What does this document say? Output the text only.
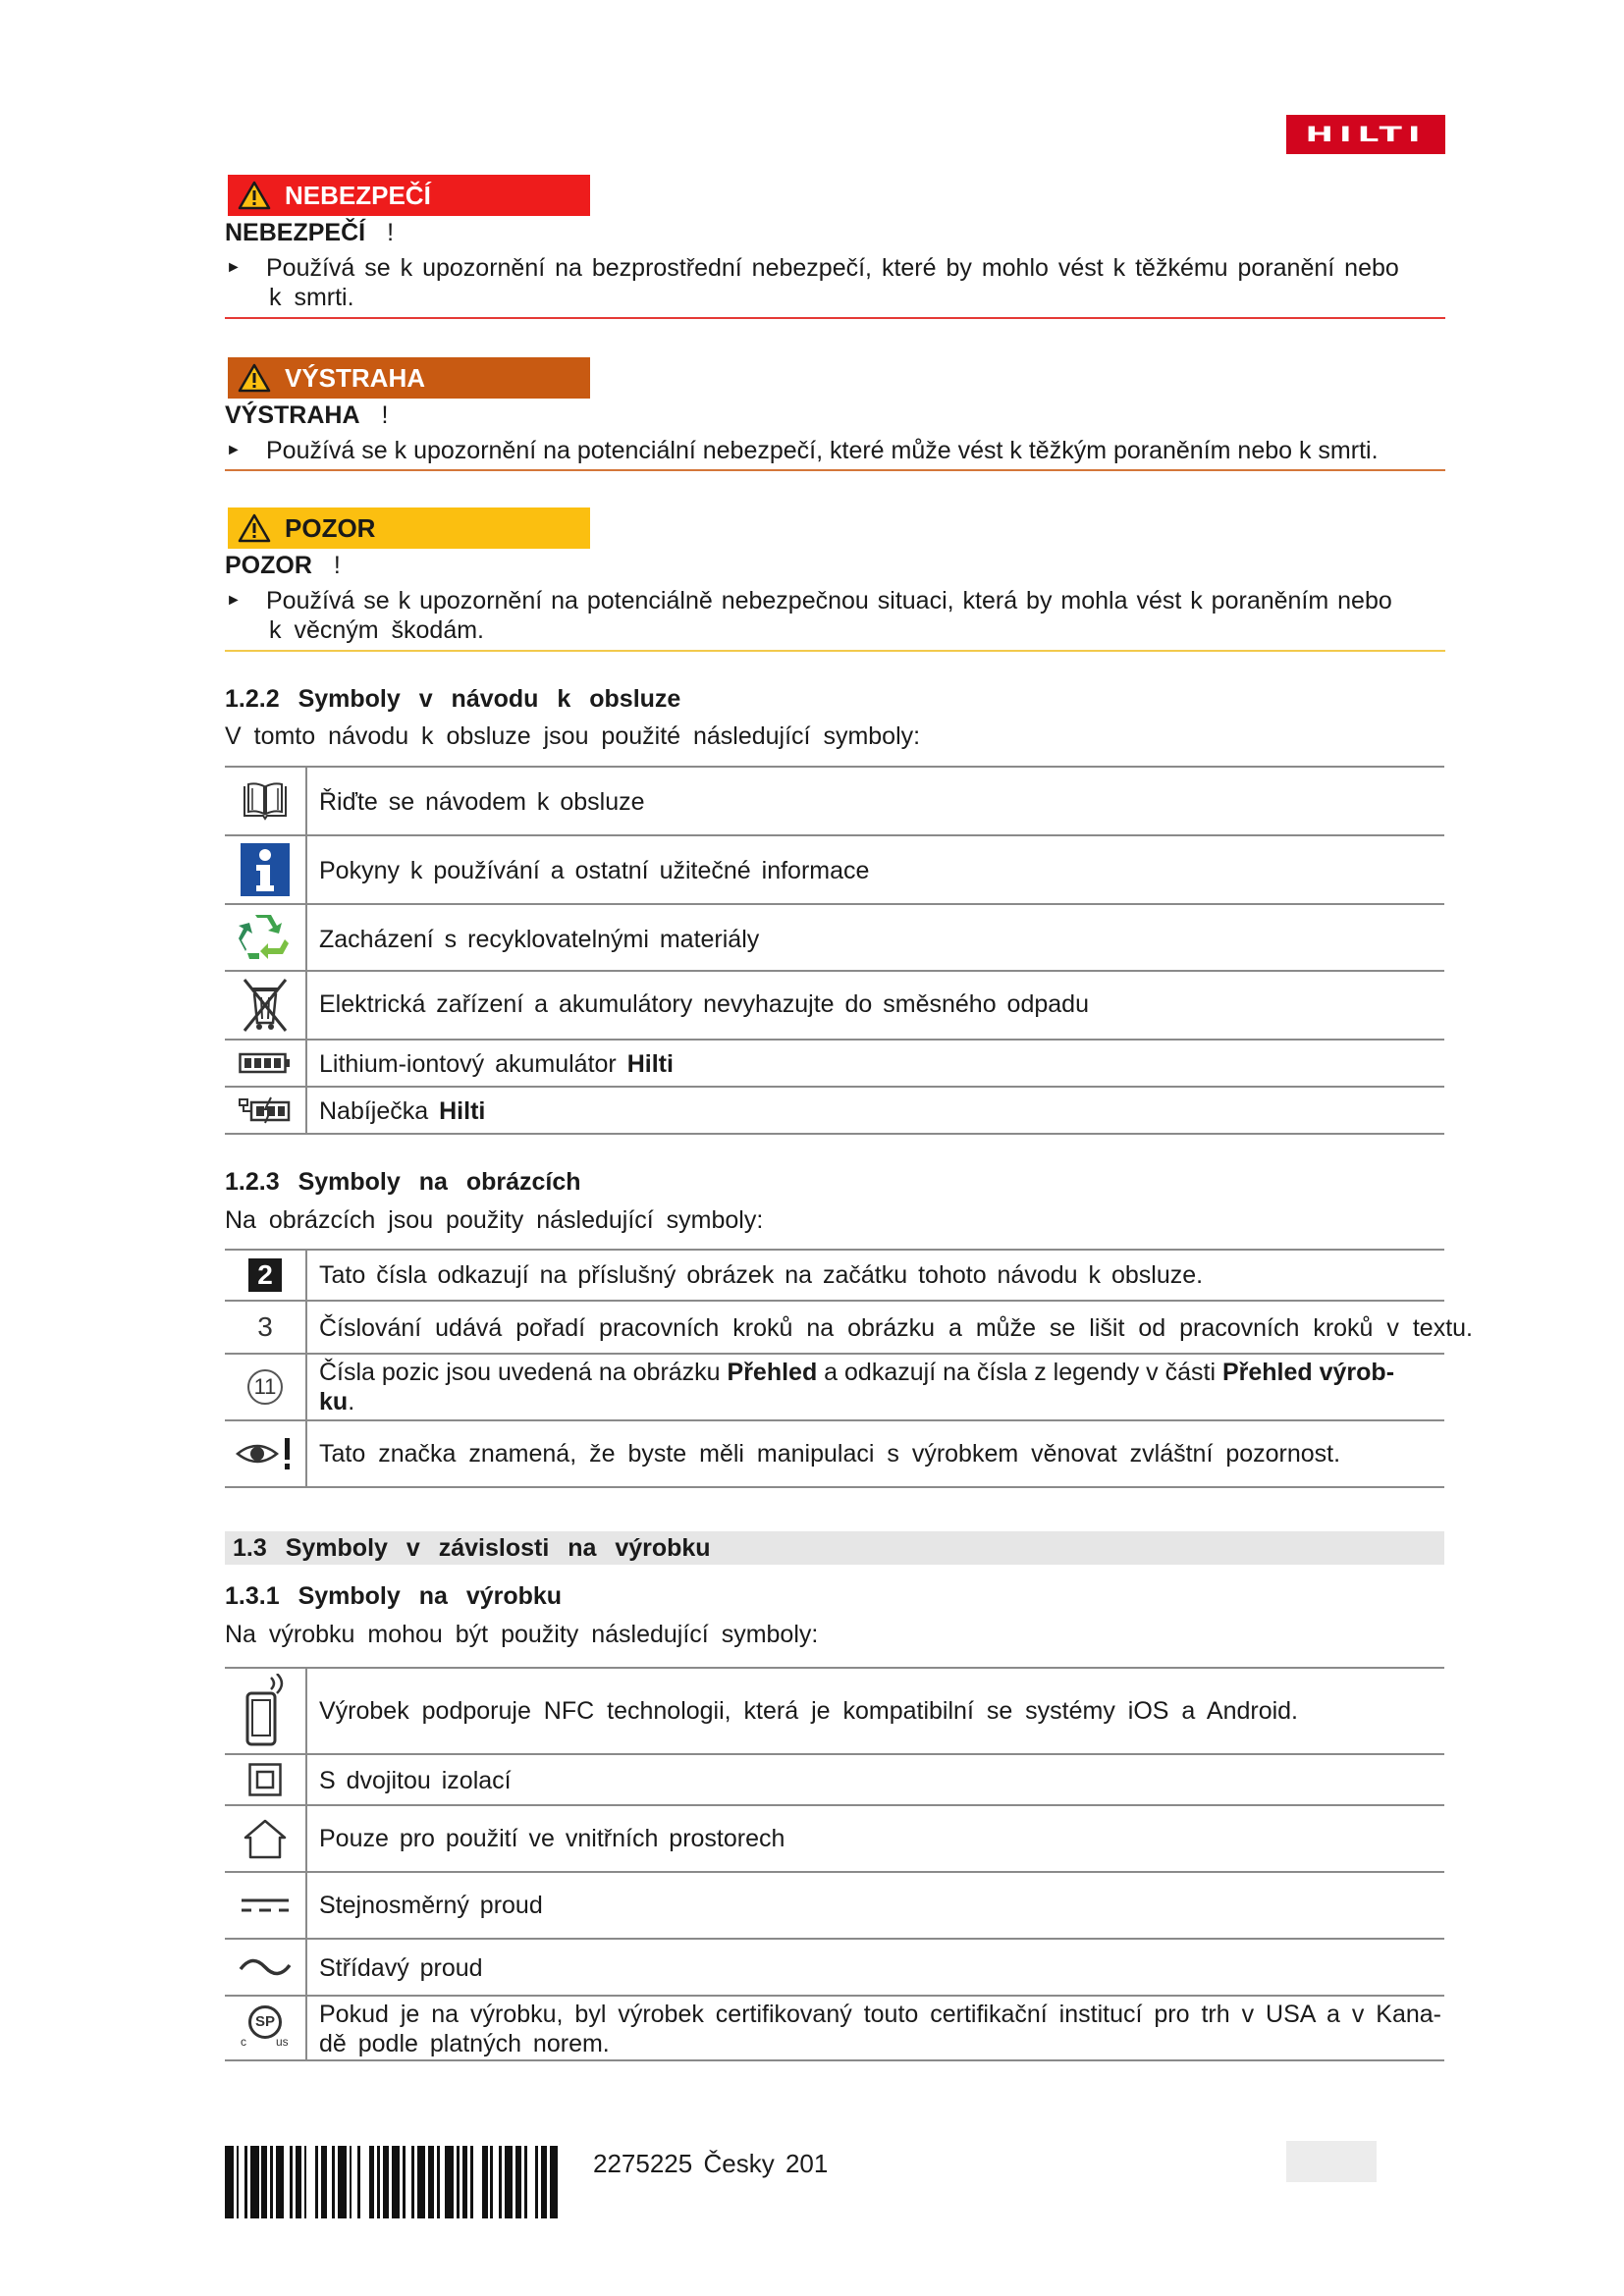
HILTI
NEBEZPEČÍ
NEBEZPEČÍ !
► Používá se k upozornění na bezprostřední nebezpečí, které by mohlo vést k těžkému poranění nebo
k smrti.
VÝSTRAHA
VÝSTRAHA !
► Používá se k upozornění na potenciální nebezpečí, které může vést k těžkým poraněním nebo k smrti.
POZOR
POZOR !
► Používá se k upozornění na potenciálně nebezpečnou situaci, která by mohla vést k poraněním nebo
k věcným škodám.
1.2.2 Symboly v návodu k obsluze
V tomto návodu k obsluze jsou použité následující symboly:
Řiďte se návodem k obsluze
Pokyny k používání a ostatní užitečné informace
Zacházení s recyklovatelnými materiály
Elektrická zařízení a akumulátory nevyhazujte do směsného odpadu
Lithium-iontový akumulátor Hilti
Nabíječka Hilti
1.2.3 Symboly na obrázcích
Na obrázcích jsou použity následující symboly:
2	Tato čísla odkazují na příslušný obrázek na začátku tohoto návodu k obsluze.
3 Číslování udává pořadí pracovních kroků na obrázku a může se lišit od pracovních kroků v textu.
11
Čísla pozic jsou uvedená na obrázku Přehled a odkazují na čísla z legendy v části Přehled výrob-
ku.
Tato značka znamená, že byste měli manipulaci s výrobkem věnovat zvláštní pozornost.
1.3 Symboly v závislosti na výrobku
1.3.1 Symboly na výrobku
Na výrobku mohou být použity následující symboly:
Výrobek podporuje NFC technologii, která je kompatibilní se systémy iOS a Android.
S dvojitou izolací
Pouze pro použití ve vnitřních prostorech
Stejnosměrný proud
Střídavý proud
SP
c	us
Pokud je na výrobku, byl výrobek certifikovaný touto certifikační institucí pro trh v USA a v Kana-
dě podle platných norem.
2275225 Česky 201
